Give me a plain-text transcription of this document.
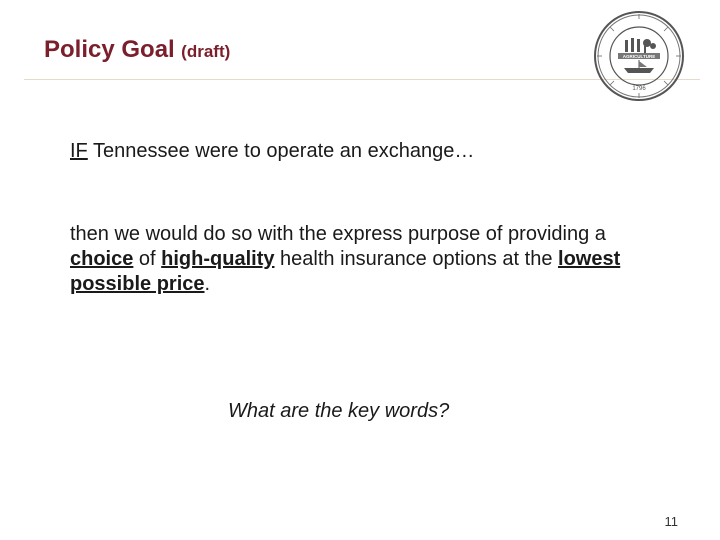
Policy Goal (draft)	AGRICULTURE
1796
IF Tennessee were to operate an exchange…
then we would do so with the express purpose of providing a choice of high-quality health insurance options at the lowest possible price.
What are the key words?
11
